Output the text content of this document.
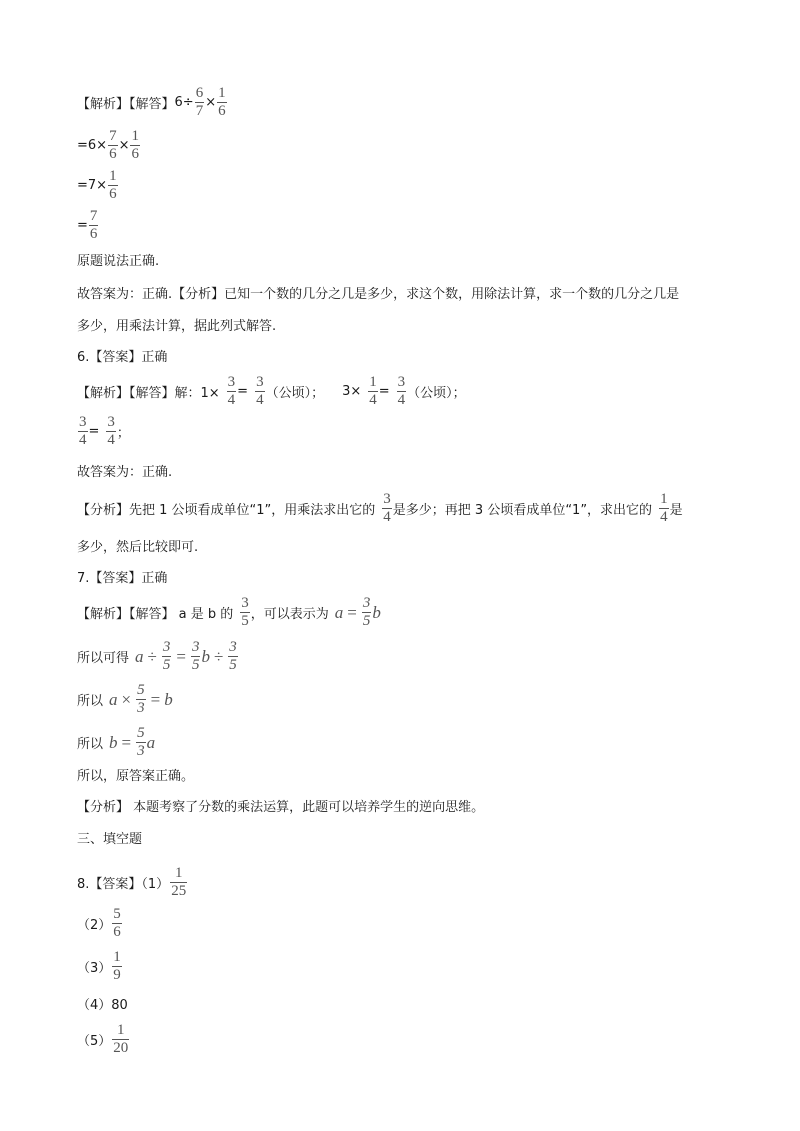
【解析】【解答】 $6\div \frac{6}{7} \times \frac{1}{6}$
$=6\times \frac{7}{6} \times \frac{1}{6}$
$=7\times \frac{1}{6}$
= $\frac{7}{6}$
原题说法正确.
故答案为：正确.【分析】已知一个数的几分之几是多少，求这个数，用除法计算，求一个数的几分之几是
多少，用乘法计算，据此列式解答.
6.【答案】正确
【解析】【解答】解：$1\times \frac{3}{4} = \frac{3}{4}$ （公顷）； $3\times \frac{1}{4} = \frac{3}{4}$ （公顷）；
$\frac{3}{4} = \frac{3}{4}$ ；
故答案为：正确.
【分析】先把 1 公顷看成单位“1”，用乘法求出它的 $\frac{3}{4}$ 是多少；再把 3 公顷看成单位“1”，求出它的 $\frac{1}{4}$ 是
多少，然后比较即可.
7.【答案】正确
【解析】【解答】 a 是 b 的 $\frac{3}{5}$ ，可以表示为 $a = \frac{3}{5}$ b
所以可得 $a \div \frac{3}{5} = \frac{3}{5}$ $b \div \frac{3}{5}$
所以 $a \times \frac{5}{3} = b$
所以 $b = \frac{5}{3}$ a
所以，原答案正确。
【分析】 本题考察了分数的乘法运算，此题可以培养学生的逆向思维。
三、填空题
8.【答案】$(1) \frac{1}{25}$
$(2) \frac{5}{6}$
$(3) \frac{1}{9}$
（4）80
$(5) \frac{1}{20}$
